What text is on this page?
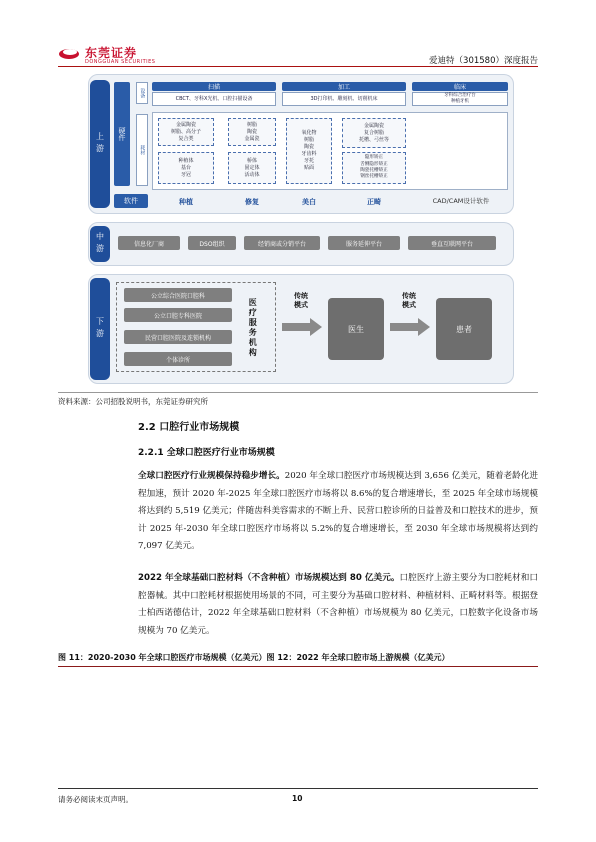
东莞证券
DONGGUAN SECURITIES	爱迪特（301580）深度报告
上游	硬件
设备
耗材
扫描
CBCT、牙科X光机、口腔扫描设备
加工
3D打印机、雕刻机、切削机床
临床
牙科综合治疗台
种植牙机
金属陶瓷
树脂、高分子
复合类
种植体
基台
牙冠
树脂
陶瓷
金属瓷
桥体
固定体
活动体
氧化物
树脂
陶瓷
牙齿料
牙托
贴面
金属陶瓷
复合树脂
托槽、弓丝等
隐形矫正
舌侧隐形矫正
陶瓷托槽矫正
钢丝托槽矫正
软件	种植	修复	美白	正畸	CAD/CAM设计软件
中游	信息化厂商	DSO组织	经销商或分销平台	服务延伸平台	垂直互联网平台
下游
公立综合医院口腔科
公立口腔专科医院
民营口腔医院及连锁机构
个体诊所
医疗服务机构
传统
模式
医生
传统
模式
患者
资料来源：公司招股说明书，东莞证券研究所
2.2 口腔行业市场规模
2.2.1 全球口腔医疗行业市场规模
全球口腔医疗行业规模保持稳步增长。2020 年全球口腔医疗市场规模达到 3,656 亿美元，随着老龄化进程加速，预计 2020 年-2025 年全球口腔医疗市场将以 8.6%的复合增速增长，至 2025 年全球市场规模将达到约 5,519 亿美元；伴随齿科美容需求的不断上升、民营口腔诊所的日益普及和口腔技术的进步，预计 2025 年-2030 年全球口腔医疗市场将以 5.2%的复合增速增长，至 2030 年全球市场规模将达到约 7,097 亿美元。
2022 年全球基础口腔材料（不含种植）市场规模达到 80 亿美元。口腔医疗上游主要分为口腔耗材和口腔器械。其中口腔耗材根据使用场景的不同，可主要分为基础口腔材料、种植材料、正畸材料等。根据登士柏西诺德估计，2022 年全球基础口腔材料（不含种植）市场规模为 80 亿美元，口腔数字化设备市场规模为 70 亿美元。
图 11：2020-2030 年全球口腔医疗市场规模（亿美元）图 12：2022 年全球口腔市场上游规模（亿美元）
请务必阅读末页声明。	10
